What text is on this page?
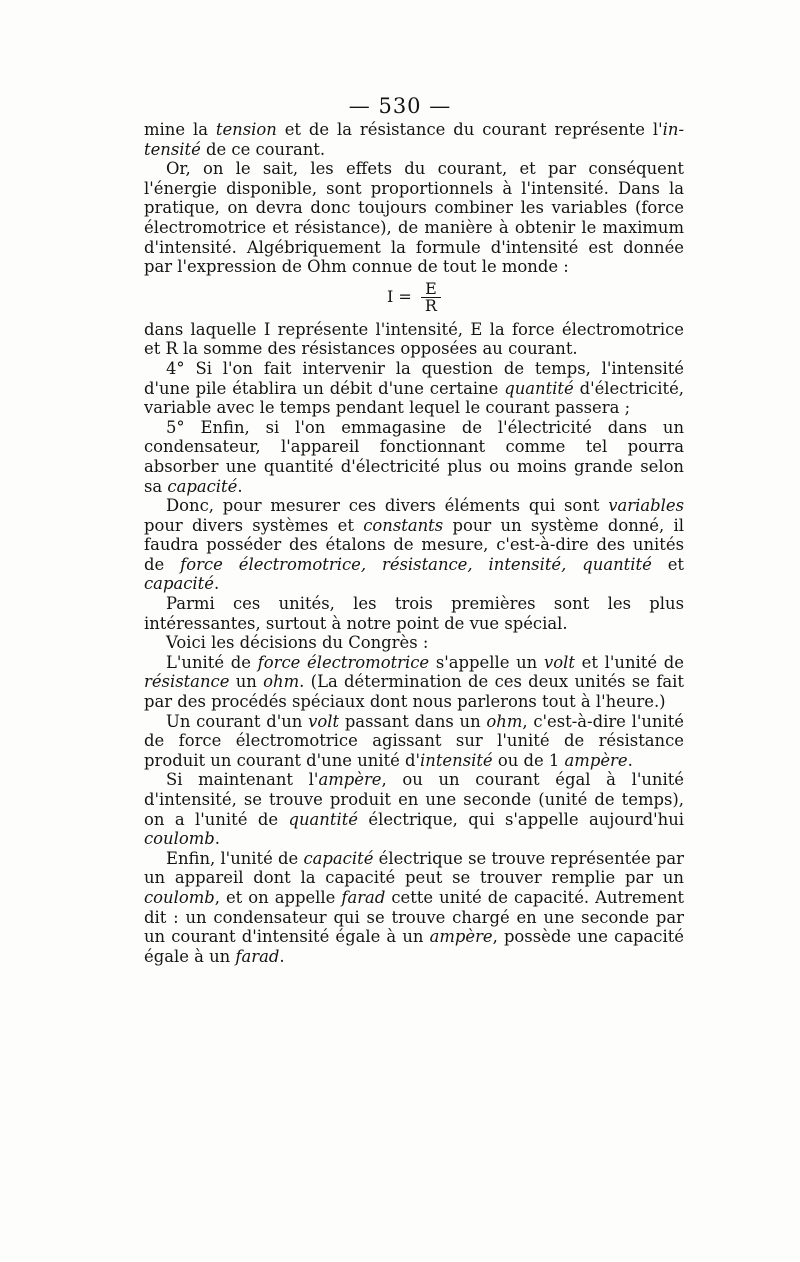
— 530 —

mine la tension et de la résistance du courant représente l'in-tensité de ce courant.

Or, on le sait, les effets du courant, et par conséquent l'énergie disponible, sont proportionnels à l'intensité. Dans la pratique, on devra donc toujours combiner les variables (force électromotrice et résistance), de manière à obtenir le maximum d'intensité. Algébriquement la formule d'intensité est donnée par l'expression de Ohm connue de tout le monde :

$I = \frac{E}{R}$

dans laquelle I représente l'intensité, E la force électromotrice et R la somme des résistances opposées au courant.

4° Si l'on fait intervenir la question de temps, l'intensité d'une pile établira un débit d'une certaine quantité d'électricité, variable avec le temps pendant lequel le courant passera ;

5° Enfin, si l'on emmagasine de l'électricité dans un condensateur, l'appareil fonctionnant comme tel pourra absorber une quantité d'électricité plus ou moins grande selon sa capacité.

Donc, pour mesurer ces divers éléments qui sont variables pour divers systèmes et constants pour un système donné, il faudra posséder des étalons de mesure, c'est-à-dire des unités de force électromotrice, résistance, intensité, quantité et capacité.

Parmi ces unités, les trois premières sont les plus intéressantes, surtout à notre point de vue spécial.

Voici les décisions du Congrès :

L'unité de force électromotrice s'appelle un volt et l'unité de résistance un ohm. (La détermination de ces deux unités se fait par des procédés spéciaux dont nous parlerons tout à l'heure.)

Un courant d'un volt passant dans un ohm, c'est-à-dire l'unité de force électromotrice agissant sur l'unité de résistance produit un courant d'une unité d'intensité ou de 1 ampère.

Si maintenant l'ampère, ou un courant égal à l'unité d'intensité, se trouve produit en une seconde (unité de temps), on a l'unité de quantité électrique, qui s'appelle aujourd'hui coulomb.

Enfin, l'unité de capacité électrique se trouve représentée par un appareil dont la capacité peut se trouver remplie par un coulomb, et on appelle farad cette unité de capacité. Autrement dit : un condensateur qui se trouve chargé en une seconde par un courant d'intensité égale à un ampère, possède une capacité égale à un farad.
